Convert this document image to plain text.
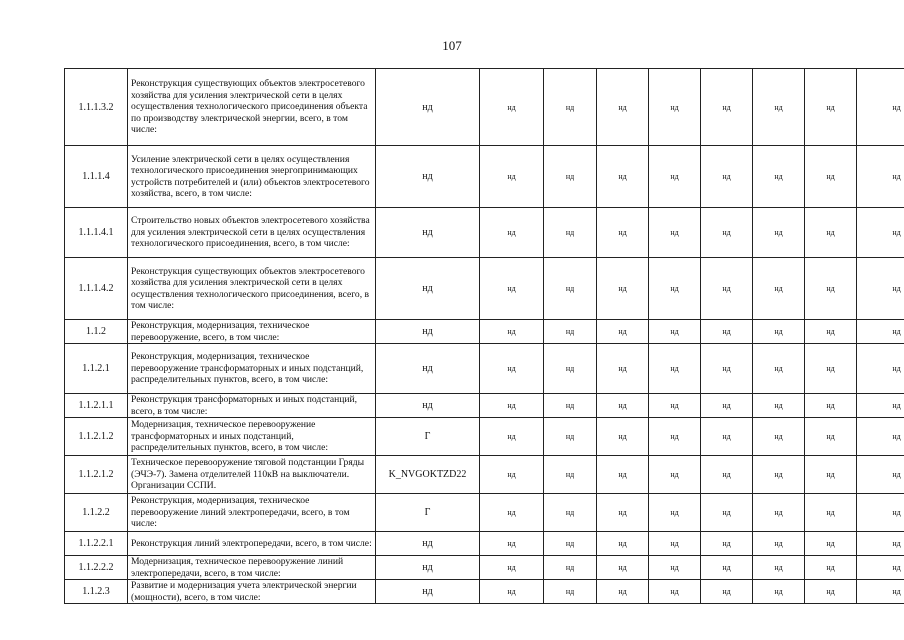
107
1.1.1.3.2	Реконструкция существующих объектов электросетевого хозяйства для усиления электрической сети в целях осуществления технологического присоединения объекта по производству электрической энергии, всего, в том числе:	нд	нд	нд	нд	нд	нд	нд	нд	нд
1.1.1.4	Усиление электрической сети в целях осуществления технологического присоединения энергопринимающих устройств потребителей и (или) объектов электросетевого хозяйства, всего, в том числе:	нд	нд	нд	нд	нд	нд	нд	нд	нд
1.1.1.4.1	Строительство новых объектов электросетевого хозяйства для усиления электрической сети в целях осуществления технологического присоединения, всего, в том числе:	нд	нд	нд	нд	нд	нд	нд	нд	нд
1.1.1.4.2	Реконструкция существующих объектов электросетевого хозяйства для усиления электрической сети в целях осуществления технологического присоединения, всего, в том числе:	нд	нд	нд	нд	нд	нд	нд	нд	нд
1.1.2	Реконструкция, модернизация, техническое перевооружение, всего, в том числе:	нд	нд	нд	нд	нд	нд	нд	нд	нд
1.1.2.1	Реконструкция, модернизация, техническое перевооружение трансформаторных и иных подстанций, распределительных пунктов, всего, в том числе:	нд	нд	нд	нд	нд	нд	нд	нд	нд
1.1.2.1.1	Реконструкция трансформаторных и иных подстанций, всего, в том числе:	нд	нд	нд	нд	нд	нд	нд	нд	нд
1.1.2.1.2	Модернизация, техническое перевооружение трансформаторных и иных подстанций, распределительных пунктов, всего, в том числе:	Г	нд	нд	нд	нд	нд	нд	нд	нд
1.1.2.1.2	Техническое перевооружение тяговой подстанции Гряды (ЭЧЭ-7). Замена отделителей 110кВ на выключатели. Организации ССПИ.	K_NVGOKTZD22	нд	нд	нд	нд	нд	нд	нд	нд
1.1.2.2	Реконструкция, модернизация, техническое перевооружение линий электропередачи, всего, в том числе:	Г	нд	нд	нд	нд	нд	нд	нд	нд
1.1.2.2.1	Реконструкция линий электропередачи, всего, в том числе:	нд	нд	нд	нд	нд	нд	нд	нд	нд
1.1.2.2.2	Модернизация, техническое перевооружение линий электропередачи, всего, в том числе:	нд	нд	нд	нд	нд	нд	нд	нд	нд
1.1.2.3	Развитие и модернизация учета электрической энергии (мощности), всего, в том числе:	нд	нд	нд	нд	нд	нд	нд	нд	нд
